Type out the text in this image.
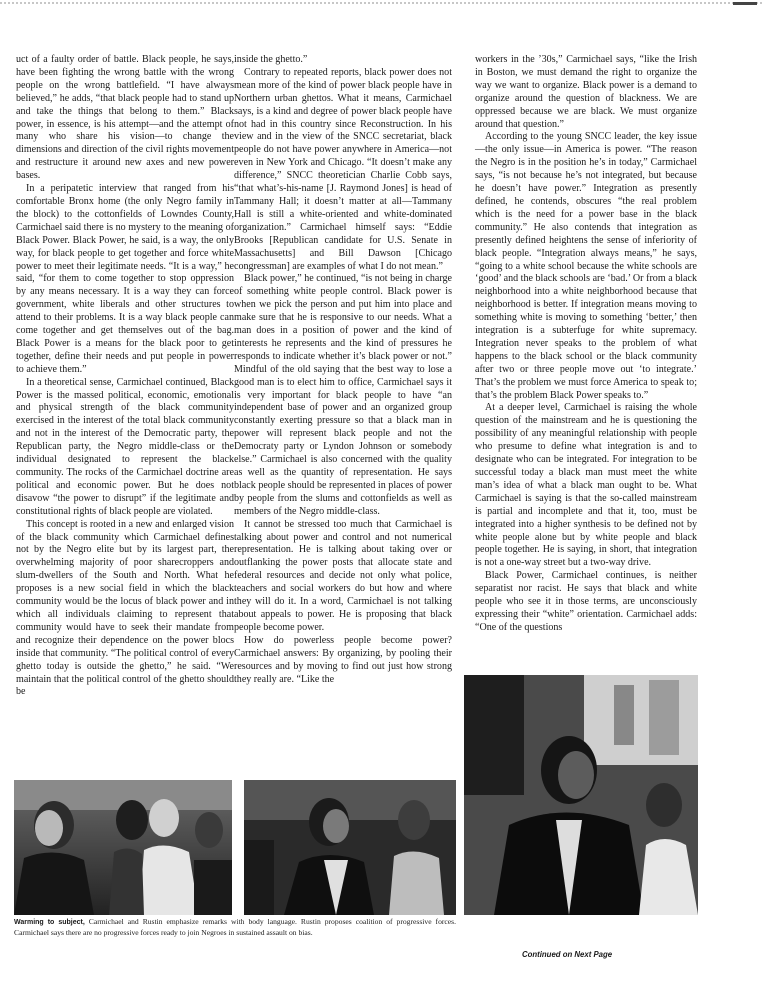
uct of a faulty order of battle. Black people, he says, have been fighting the wrong battle with the wrong people on the wrong battlefield. “I have always believed,” he adds, “that black people had to stand up and take the things that belong to them.” Black power, in essence, is his attempt—and the attempt of many who share his vision—to change the dimensions and direction of the civil rights movement and restructure it around new axes and new power bases.

In a peripatetic interview that ranged from his comfortable Bronx home (the only Negro family in the block) to the cottonfields of Lowndes County, Carmichael said there is no mystery to the meaning of Black Power. Black Power, he said, is a way, the only way, for black people to get together and force white power to meet their legitimate needs. “It is a way,” he said, “for them to come together to stop oppression by any means necessary. It is a way they can force government, white liberals and other structures to attend to their problems. It is a way black people can come together and get themselves out of the bag. Black Power is a means for the black poor to get together, define their needs and put people in power to achieve them.”

In a theoretical sense, Carmichael continued, Black Power is the massed political, economic, emotional and physical strength of the black community exercised in the interest of the total black community and not in the interest of the Democratic party, the Republican party, the Negro middle-class or the individual designated to represent the black community. The rocks of the Carmichael doctrine are political and economic power. But he does not disavow “the power to disrupt” if the legitimate and constitutional rights of black people are violated.

This concept is rooted in a new and enlarged vision of the black community which Carmichael defines not by the Negro elite but by its largest part, the overwhelming majority of poor sharecroppers and slum-dwellers of the South and North. What he proposes is a new social field in which the black community would be the locus of black power and in which all individuals claiming to represent that community would have to seek their mandate from and recognize their dependence on the power blocs inside that community. “The political control of every ghetto today is outside the ghetto,” he said. “We maintain that the political control of the ghetto should be

inside the ghetto.”

Contrary to repeated reports, black power does not mean more of the kind of power black people have in Northern urban ghettos. What it means, Carmichael says, is a kind and degree of power black people have not had in this country since Reconstruction. In his view and in the view of the SNCC secretariat, black people do not have power anywhere in America—not even in New York and Chicago. “It doesn’t make any difference,” SNCC theoretician Charlie Cobb says, “that what’s-his-name [J. Raymond Jones] is head of Tammany Hall; it doesn’t matter at all—Tammany Hall is still a white-oriented and white-dominated organization.” Carmichael himself says: “Eddie Brooks [Republican candidate for U.S. Senate in Massachusetts] and Bill Dawson [Chicago congressman] are examples of what I do not mean.”

Black power,” he continued, “is not being in charge of something white people control. Black power is when we pick the person and put him into place and make sure that he is responsive to our needs. What a man does in a position of power and the kind of interests he represents and the kind of pressures he responds to indicate whether it’s black power or not.” Mindful of the old saying that the best way to lose a good man is to elect him to office, Carmichael says it is very important for black people to have “an independent base of power and an organized group constantly exerting pressure so that a black man in power will represent black people and not the Democraty party or Lyndon Johnson or somebody else.” Carmichael is also concerned with the quality as well as the quantity of representation. He says black people should be represented in places of power by people from the slums and cottonfields as well as members of the Negro middle-class.

It cannot be stressed too much that Carmichael is talking about power and control and not numerical representation. He is talking about taking over or outflanking the power posts that allocate state and federal resources and decide not only what police, teachers and social workers do but how and where they will do it. In a word, Carmichael is not talking about appeals to power. He is proposing that black people become power.

How do powerless people become power? Carmichael answers: By organizing, by pooling their resources and by moving to find out just how strong they really are. “Like the

workers in the ’30s,” Carmichael says, “like the Irish in Boston, we must demand the right to organize the way we want to organize. Black power is a demand to organize around the question of blackness. We are oppressed because we are black. We must organize around that question.”

According to the young SNCC leader, the key issue—the only issue—in America is power. “The reason the Negro is in the position he’s in today,” Carmichael says, “is not because he’s not integrated, but because he doesn’t have power.” Integration as presently defined, he contends, obscures “the real problem which is the need for a power base in the black community.” He also contends that integration as presently defined heightens the sense of inferiority of black people. “Integration always means,” he says, “going to a white school because the white schools are ‘good’ and the black schools are ‘bad.’ Or from a black neighborhood into a white neighborhood because that neighborhood is better. If integration means moving to something white is moving to something ‘better,’ then integration is a subterfuge for white supremacy. Integration never speaks to the problem of what happens to the black school or the black community after two or three people move out ‘to integrate.’ That’s the problem we must force America to speak to; that’s the problem Black Power speaks to.”

At a deeper level, Carmichael is raising the whole question of the mainstream and he is questioning the possibility of any meaningful relationship with people who presume to define what integration is and to designate who can be integrated. For integration to be successful today a black man must meet the white man’s idea of what a black man ought to be. What Carmichael is saying is that the so-called mainstream is partial and incomplete and that it, too, must be integrated into a higher synthesis to be defined not by white people alone but by white people and black people together. He is saying, in short, that integration is not a one-way street but a two-way drive.

Black Power, Carmichael continues, is neither separatist nor racist. He says that black and white people who see it in those terms, are unconsciously expressing their “white” orientation. Carmichael adds: “One of the questions

Warming to subject, Carmichael and Rustin emphasize remarks with body language. Rustin proposes coalition of progressive forces. Carmichael says there are no progressive forces ready to join Negroes in sustained assault on bias.
Continued on Next Page
